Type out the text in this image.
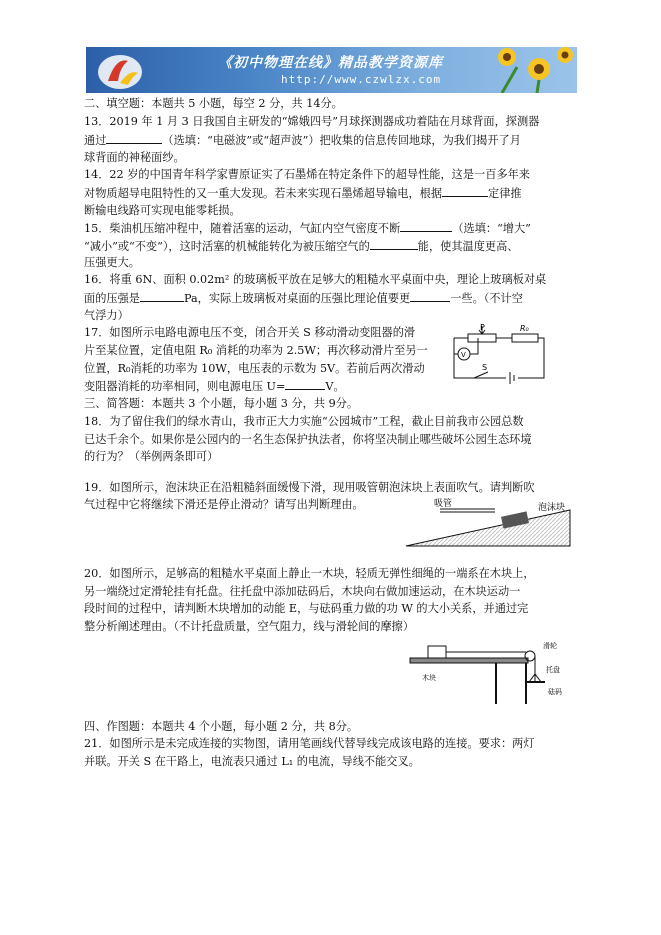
《初中物理在线》精品教学资源库
http://www.czwlzx.com
二、填空题：本题共 5 小题，每空 2 分，共 14分。
13．2019 年 1 月 3 日我国自主研发的“嫦娥四号”月球探测器成功着陆在月球背面，探测器
通过	（选填：“电磁波”或“超声波”）把收集的信息传回地球，为我们揭开了月
球背面的神秘面纱。
14．22 岁的中国青年科学家曹原证实了石墨烯在特定条件下的超导性能，这是一百多年来
对物质超导电阻特性的又一重大发现。若未来实现石墨烯超导输电，根据	定律推
断输电线路可实现电能零耗损。
15．柴油机压缩冲程中，随着活塞的运动，气缸内空气密度不断	（选填：“增大”
“减小”或“不变”），这时活塞的机械能转化为被压缩空气的	能，使其温度更高、
压强更大。
16．将重 6N、面积 0.02m² 的玻璃板平放在足够大的粗糙水平桌面中央，理论上玻璃板对桌
面的压强是	Pa，实际上玻璃板对桌面的压强比理论值要更	一些。（不计空
气浮力）
17．如图所示电路电源电压不变，闭合开关 S 移动滑动变阻器的滑
片至某位置，定值电阻 R₀ 消耗的功率为 2.5W；再次移动滑片至另一
位置，R₀消耗的功率为 10W，电压表的示数为 5V。若前后两次滑动
变阻器消耗的功率相同，则电源电压 U=	V。
P	R₀
V
S
三、简答题：本题共 3 个小题，每小题 3 分，共 9分。
18．为了留住我们的绿水青山，我市正大力实施“公园城市”工程，截止目前我市公园总数
已达千余个。如果你是公园内的一名生态保护执法者，你将坚决制止哪些破坏公园生态环境
的行为？（举例两条即可）
19．如图所示，泡沫块正在沿粗糙斜面缓慢下滑，现用吸管朝泡沫块上表面吹气。请判断吹
气过程中它将继续下滑还是停止滑动？请写出判断理由。	吸管	泡沫块
20．如图所示，足够高的粗糙水平桌面上静止一木块，轻质无弹性细绳的一端系在木块上，
另一端绕过定滑轮挂有托盘。往托盘中添加砝码后，木块向右做加速运动，在木块运动一
段时间的过程中，请判断木块增加的动能 E，与砝码重力做的功 W 的大小关系，并通过完
整分析阐述理由。（不计托盘质量，空气阻力，线与滑轮间的摩擦）
滑轮
托盘
木块
砝码
四、作图题：本题共 4 个小题，每小题 2 分，共 8分。
21．如图所示是未完成连接的实物图，请用笔画线代替导线完成该电路的连接。要求：两灯
并联。开关 S 在干路上，电流表只通过 L₁ 的电流，导线不能交叉。
